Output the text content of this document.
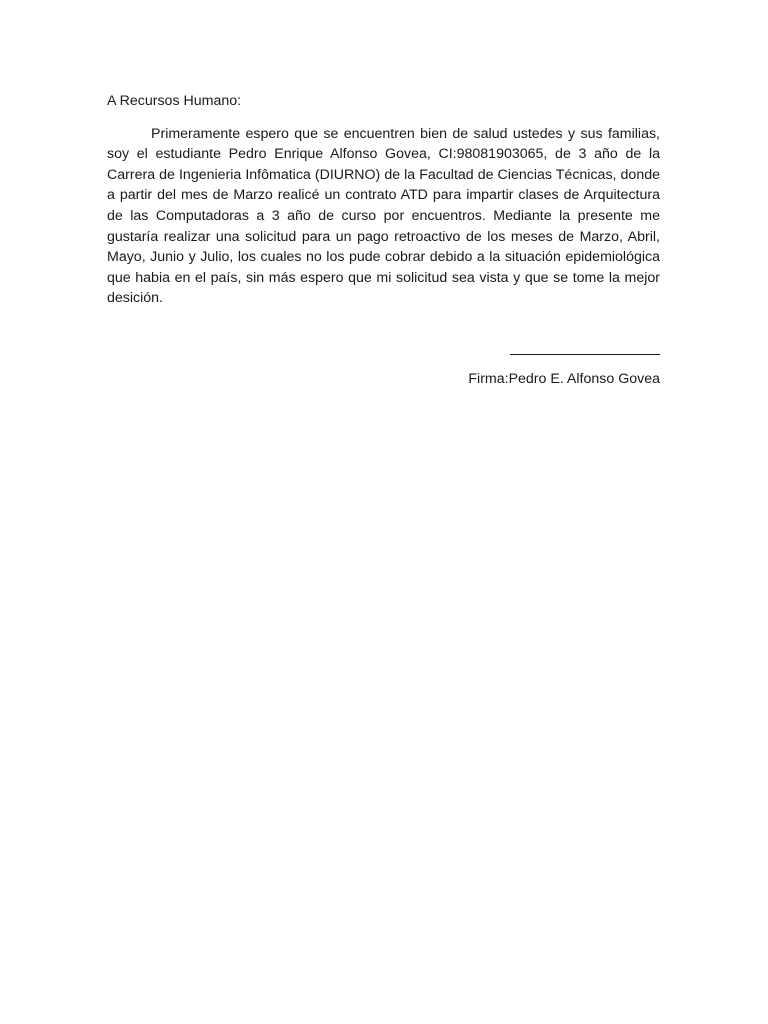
A Recursos Humano:

Primeramente espero que se encuentren bien de salud ustedes y sus familias, soy el estudiante Pedro Enrique Alfonso Govea, CI:98081903065, de 3 año de la Carrera de Ingenieria Infômatica (DIURNO) de la Facultad de Ciencias Técnicas, donde a partir del mes de Marzo realicé un contrato ATD para impartir clases de Arquitectura de las Computadoras a 3 año de curso por encuentros. Mediante la presente me gustaría realizar una solicitud para un pago retroactivo de los meses de Marzo, Abril, Mayo, Junio y Julio, los cuales no los pude cobrar debido a la situación epidemiológica que habia en el país, sin más espero que mi solicitud sea vista y que se tome la mejor desición.

Firma:Pedro E. Alfonso Govea
